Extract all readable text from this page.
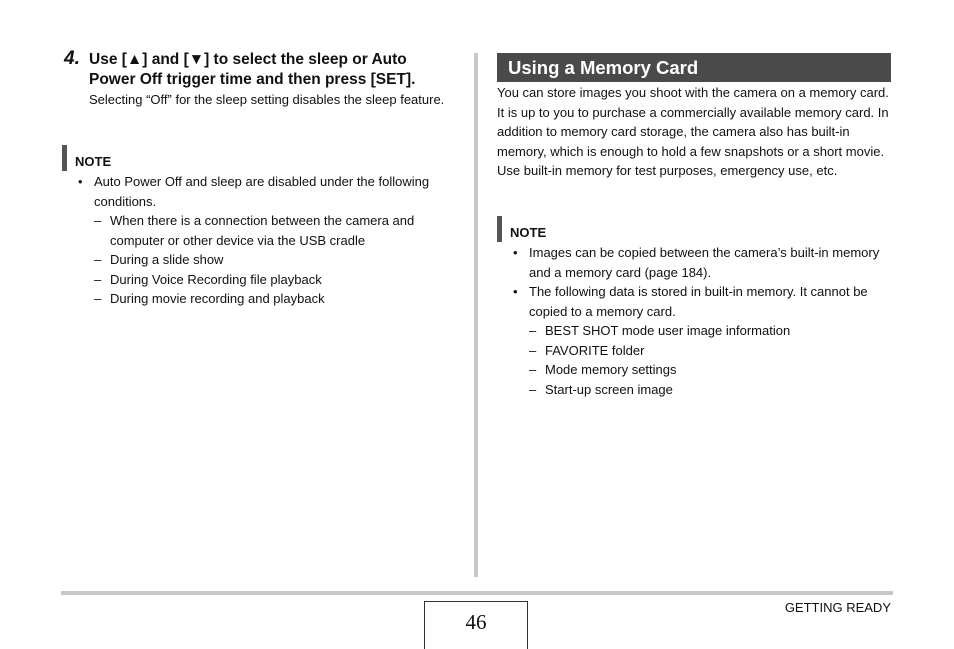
4. Use [▲] and [▼] to select the sleep or Auto
Power Off trigger time and then press [SET].
Selecting “Off” for the sleep setting disables the sleep feature.
NOTE
• Auto Power Off and sleep are disabled under the following conditions.
– When there is a connection between the camera and computer or other device via the USB cradle
– During a slide show
– During Voice Recording file playback
– During movie recording and playback
Using a Memory Card
You can store images you shoot with the camera on a memory card. It is up to you to purchase a commercially available memory card. In addition to memory card storage, the camera also has built-in memory, which is enough to hold a few snapshots or a short movie. Use built-in memory for test purposes, emergency use, etc.
NOTE
• Images can be copied between the camera’s built-in memory and a memory card (page 184).
• The following data is stored in built-in memory. It cannot be copied to a memory card.
– BEST SHOT mode user image information
– FAVORITE folder
– Mode memory settings
– Start-up screen image
46
GETTING READY
